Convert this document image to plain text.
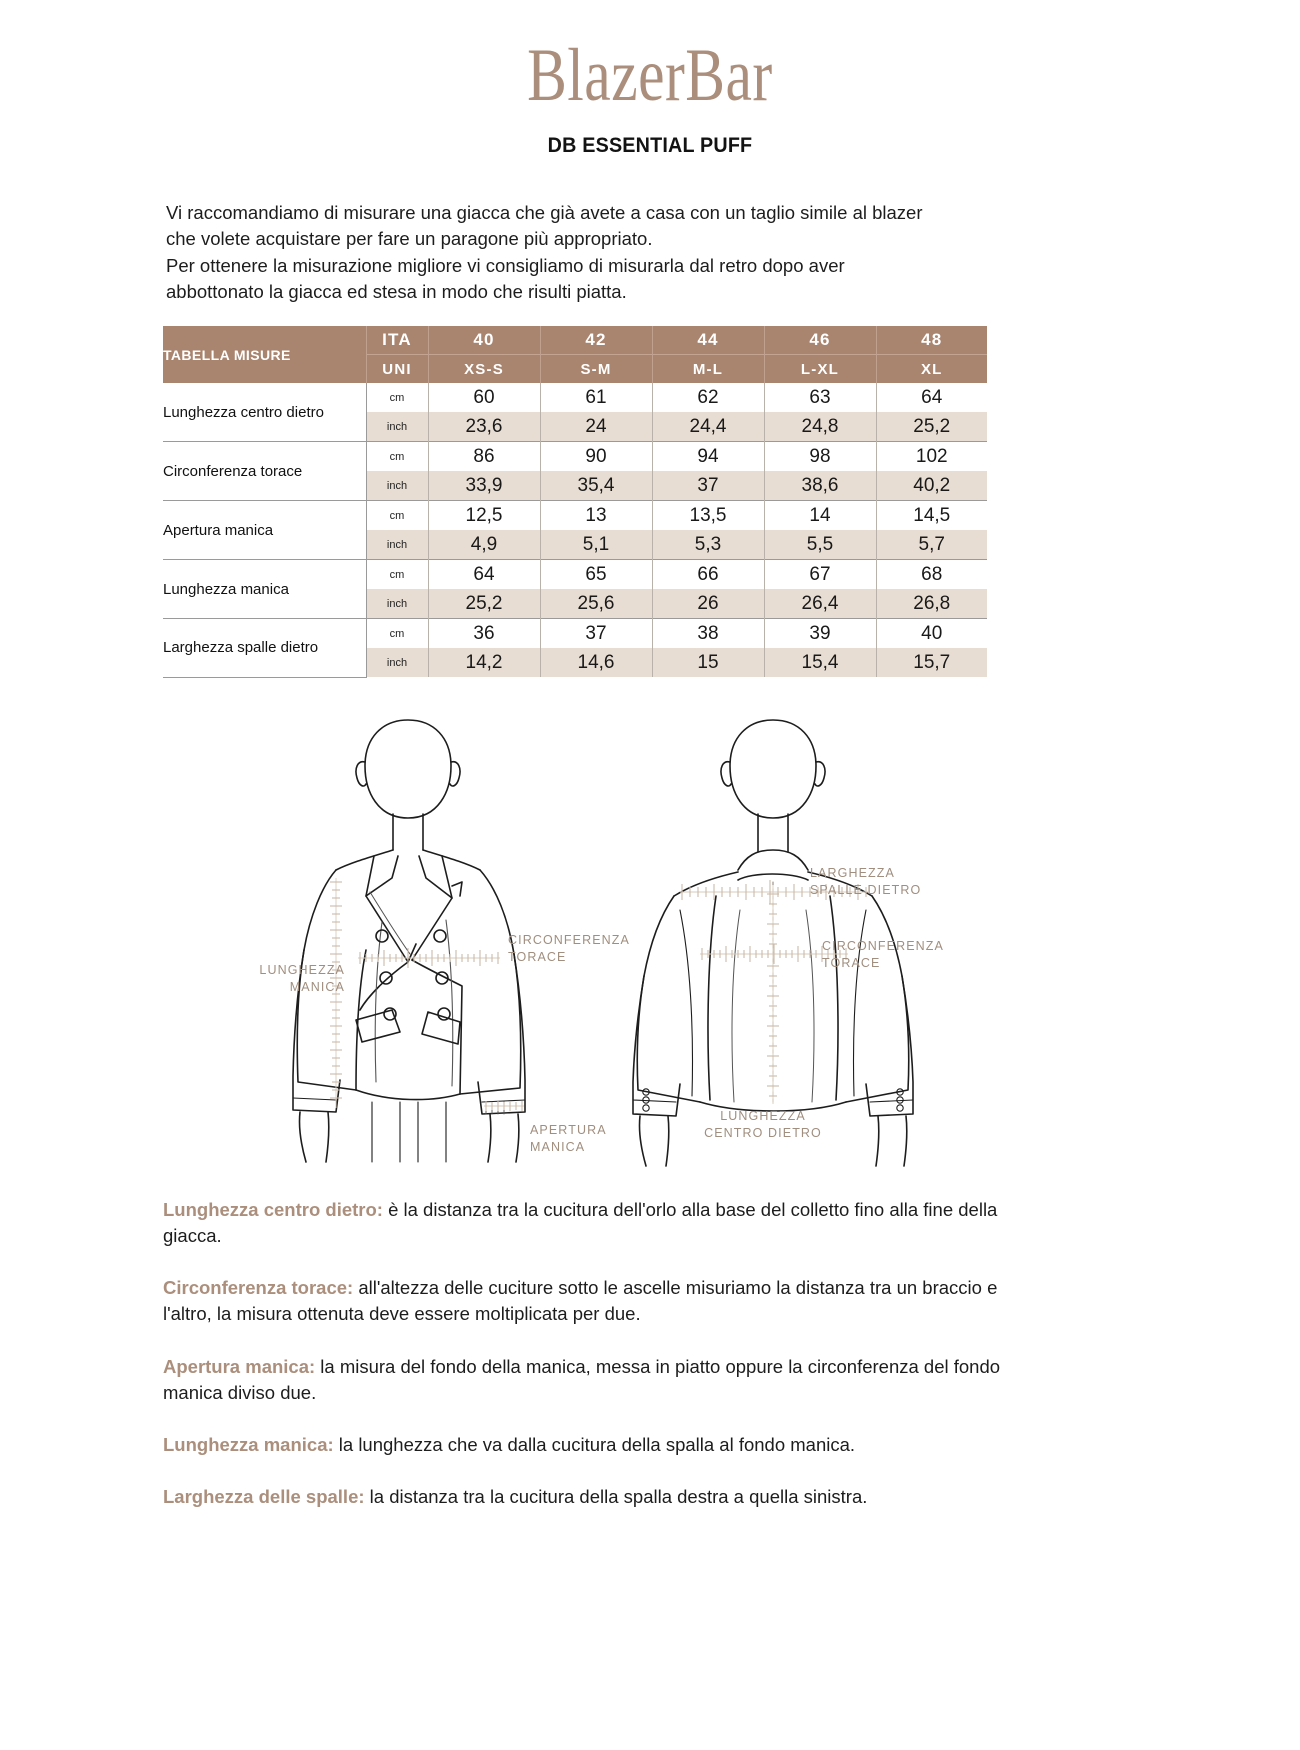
BlazerBar
DB ESSENTIAL PUFF

Vi raccomandiamo di misurare una giacca che già avete a casa con un taglio simile al blazer

che volete acquistare per fare un paragone più appropriato.

Per ottenere la misurazione migliore vi consigliamo di misurarla dal retro dopo aver

abbottonato la giacca ed stesa in modo che risulti piatta.

TABELLA MISURE	ITA	40	42	44	46	48
	UNI	XS-S	S-M	M-L	L-XL	XL
Lunghezza centro dietro	cm	60	61	62	63	64
	inch	23,6	24	24,4	24,8	25,2
Circonferenza torace	cm	86	90	94	98	102
	inch	33,9	35,4	37	38,6	40,2
Apertura manica	cm	12,5	13	13,5	14	14,5
	inch	4,9	5,1	5,3	5,5	5,7
Lunghezza manica	cm	64	65	66	67	68
	inch	25,2	25,6	26	26,4	26,8
Larghezza spalle dietro	cm	36	37	38	39	40
	inch	14,2	14,6	15	15,4	15,7
LUNGHEZZA
MANICA
CIRCONFERENZA
TORACE
APERTURA
MANICA
LARGHEZZA
SPALLE DIETRO
CIRCONFERENZA
TORACE
LUNGHEZZA
CENTRO DIETRO

Lunghezza centro dietro: è la distanza tra la cucitura dell'orlo alla base del colletto fino alla fine della giacca.

Circonferenza torace: all'altezza delle cuciture sotto le ascelle misuriamo la distanza tra un braccio e l'altro, la misura ottenuta deve essere moltiplicata per due.

Apertura manica: la misura del fondo della manica, messa in piatto oppure la circonferenza del fondo manica diviso due.

Lunghezza manica: la lunghezza che va dalla cucitura della spalla al fondo manica.

Larghezza delle spalle: la distanza tra la cucitura della spalla destra a quella sinistra.
